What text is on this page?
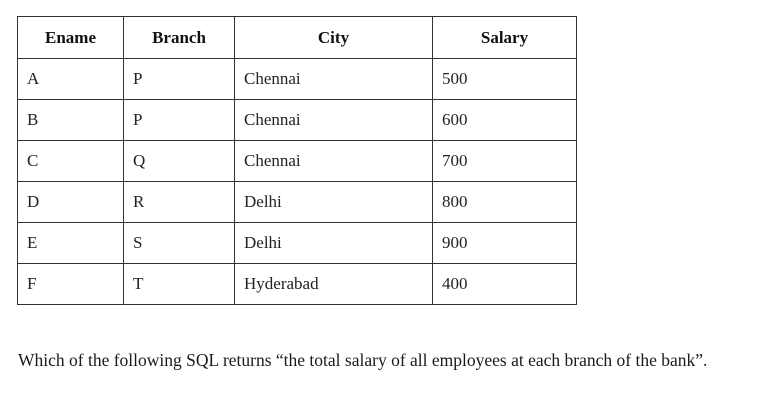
Ename	Branch	City	Salary
A	P	Chennai	500
B	P	Chennai	600
C	Q	Chennai	700
D	R	Delhi	800
E	S	Delhi	900
F	T	Hyderabad	400

Which of the following SQL returns “the total salary of all employees at each branch of the bank”.
